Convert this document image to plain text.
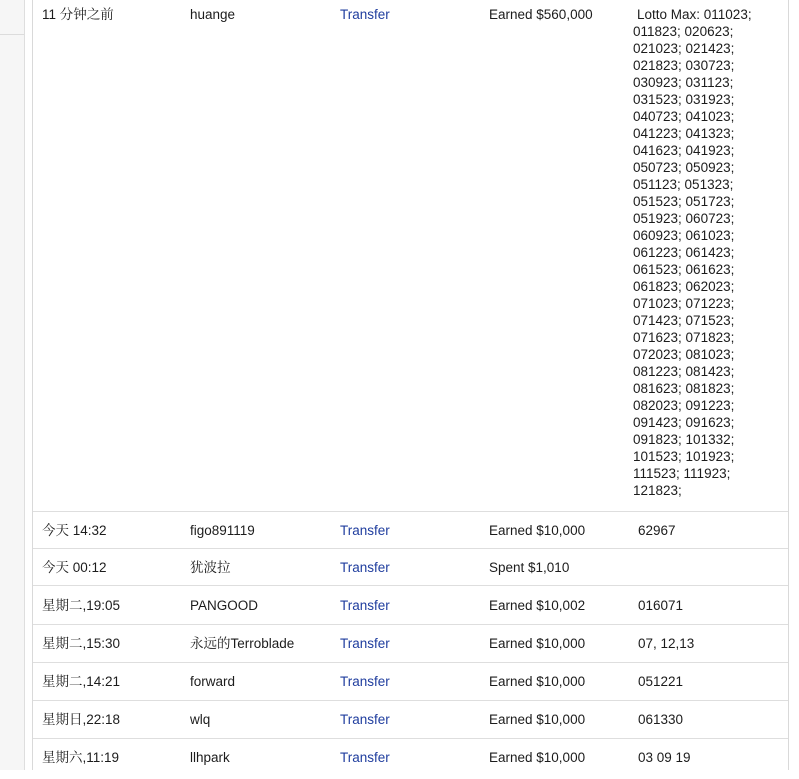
11 分钟之前	huange	Transfer	Earned $560,000	Lotto Max: 011023;
011823; 020623;
021023; 021423;
021823; 030723;
030923; 031123;
031523; 031923;
040723; 041023;
041223; 041323;
041623; 041923;
050723; 050923;
051123; 051323;
051523; 051723;
051923; 060723;
060923; 061023;
061223; 061423;
061523; 061623;
061823; 062023;
071023; 071223;
071423; 071523;
071623; 071823;
072023; 081023;
081223; 081423;
081623; 081823;
082023; 091223;
091423; 091623;
091823; 101332;
101523; 101923;
111523; 111923;
121823;
今天 14:32	figo891119	Transfer	Earned $10,000	62967
今天 00:12	犹波拉	Transfer	Spent $1,010
星期二,19:05	PANGOOD	Transfer	Earned $10,002	016071
星期二,15:30	永远的Terroblade	Transfer	Earned $10,000	07, 12,13
星期二,14:21	forward	Transfer	Earned $10,000	051221
星期日,22:18	wlq	Transfer	Earned $10,000	061330
星期六,11:19	llhpark	Transfer	Earned $10,000	03 09 19
